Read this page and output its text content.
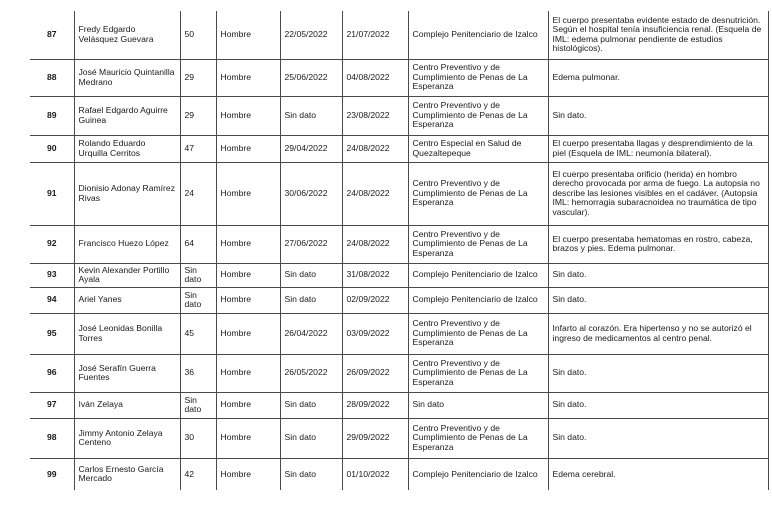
87	Fredy Edgardo Velásquez Guevara	50	Hombre	22/05/2022	21/07/2022	Complejo Penitenciario de Izalco	El cuerpo presentaba evidente estado de desnutrición. Según el hospital tenía insuficiencia renal. (Esquela de IML: edema pulmonar pendiente de estudios histológicos).
88	José Mauricio Quintanilla Medrano	29	Hombre	25/06/2022	04/08/2022	Centro Preventivo y de Cumplimiento de Penas de La Esperanza	Edema pulmonar.
89	Rafael Edgardo Aguirre Guinea	29	Hombre	Sin dato	23/08/2022	Centro Preventivo y de Cumplimiento de Penas de La Esperanza	Sin dato.
90	Rolando Eduardo Urquilla Cerritos	47	Hombre	29/04/2022	24/08/2022	Centro Especial en Salud de Quezaltepeque	El cuerpo presentaba llagas y desprendimiento de la piel (Esquela de IML: neumonía bilateral).
91	Dionisio Adonay Ramírez Rivas	24	Hombre	30/06/2022	24/08/2022	Centro Preventivo y de Cumplimiento de Penas de La Esperanza	El cuerpo presentaba orificio (herida) en hombro derecho provocada por arma de fuego. La autopsia no describe las lesiones visibles en el cadáver. (Autopsia IML: hemorragia subaracnoidea no traumática de tipo vascular).
92	Francisco Huezo López	64	Hombre	27/06/2022	24/08/2022	Centro Preventivo y de Cumplimiento de Penas de La Esperanza	El cuerpo presentaba hematomas en rostro, cabeza, brazos y pies. Edema pulmonar.
93	Kevin Alexander Portillo Ayala	Sin dato	Hombre	Sin dato	31/08/2022	Complejo Penitenciario de Izalco	Sin dato.
94	Ariel Yanes	Sin dato	Hombre	Sin dato	02/09/2022	Complejo Penitenciario de Izalco	Sin dato.
95	José Leonidas Bonilla Torres	45	Hombre	26/04/2022	03/09/2022	Centro Preventivo y de Cumplimiento de Penas de La Esperanza	Infarto al corazón. Era hipertenso y no se autorizó el ingreso de medicamentos al centro penal.
96	José Serafín Guerra Fuentes	36	Hombre	26/05/2022	26/09/2022	Centro Preventivo y de Cumplimiento de Penas de La Esperanza	Sin dato.
97	Iván Zelaya	Sin dato	Hombre	Sin dato	28/09/2022	Sin dato	Sin dato.
98	Jimmy Antonio Zelaya Centeno	30	Hombre	Sin dato	29/09/2022	Centro Preventivo y de Cumplimiento de Penas de La Esperanza	Sin dato.
99	Carlos Ernesto García Mercado	42	Hombre	Sin dato	01/10/2022	Complejo Penitenciario de Izalco	Edema cerebral.
